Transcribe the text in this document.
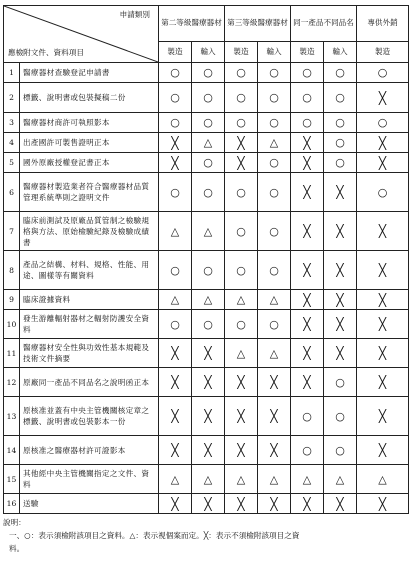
申請類別
應檢附文件、資料項目		第二等級醫療器材		第三等級醫療器材		同一產品不同品名		專供外銷
		製造	輸入	製造	輸入	製造	輸入	製造
1	醫療器材查驗登記申請書	○	○	○	○	○	○	○
2	標籤、說明書或包裝擬稿二份	○	○	○	○	○	○	╳
3	醫療器材商許可執照影本	○	○	○	○	○	○	○
4	出產國許可製售證明正本	╳	△	╳	△	╳	○	╳
5	國外原廠授權登記書正本	╳	○	╳	○	╳	○	╳
6	醫療器材製造業者符合醫療器材品質管理系統準則之證明文件	○	○	○	○	╳	╳	○
7	臨床前測試及原廠品質管制之檢驗規格與方法、原始檢驗紀錄及檢驗成績書	△	△	○	○	╳	╳	╳
8	產品之結構、材料、規格、性能、用途、圖樣等有關資料	○	○	○	○	╳	╳	╳
9	臨床證據資料	△	△	△	△	╳	╳	╳
10	發生游離輻射器材之輻射防護安全資料	○	○	○	○	╳	╳	╳
11	醫療器材安全性與功效性基本規範及技術文件摘要	╳	╳	△	△	╳	╳	╳
12	原廠同一產品不同品名之說明函正本	╳	╳	╳	╳	╳	○	╳
13	原核准並蓋有中央主管機關核定章之標籤、說明書或包裝影本一份	╳	╳	╳	╳	○	○	╳
14	原核准之醫療器材許可證影本	╳	╳	╳	╳	○	○	╳
15	其他經中央主管機關指定之文件、資料	△	△	△	△	△	△	△
16	送驗	╳	╳	╳	╳	╳	╳	╳
說明：
一、○：表示須檢附該項目之資料。△：表示視個案而定。╳：表示不須檢附該項目之資
料。
